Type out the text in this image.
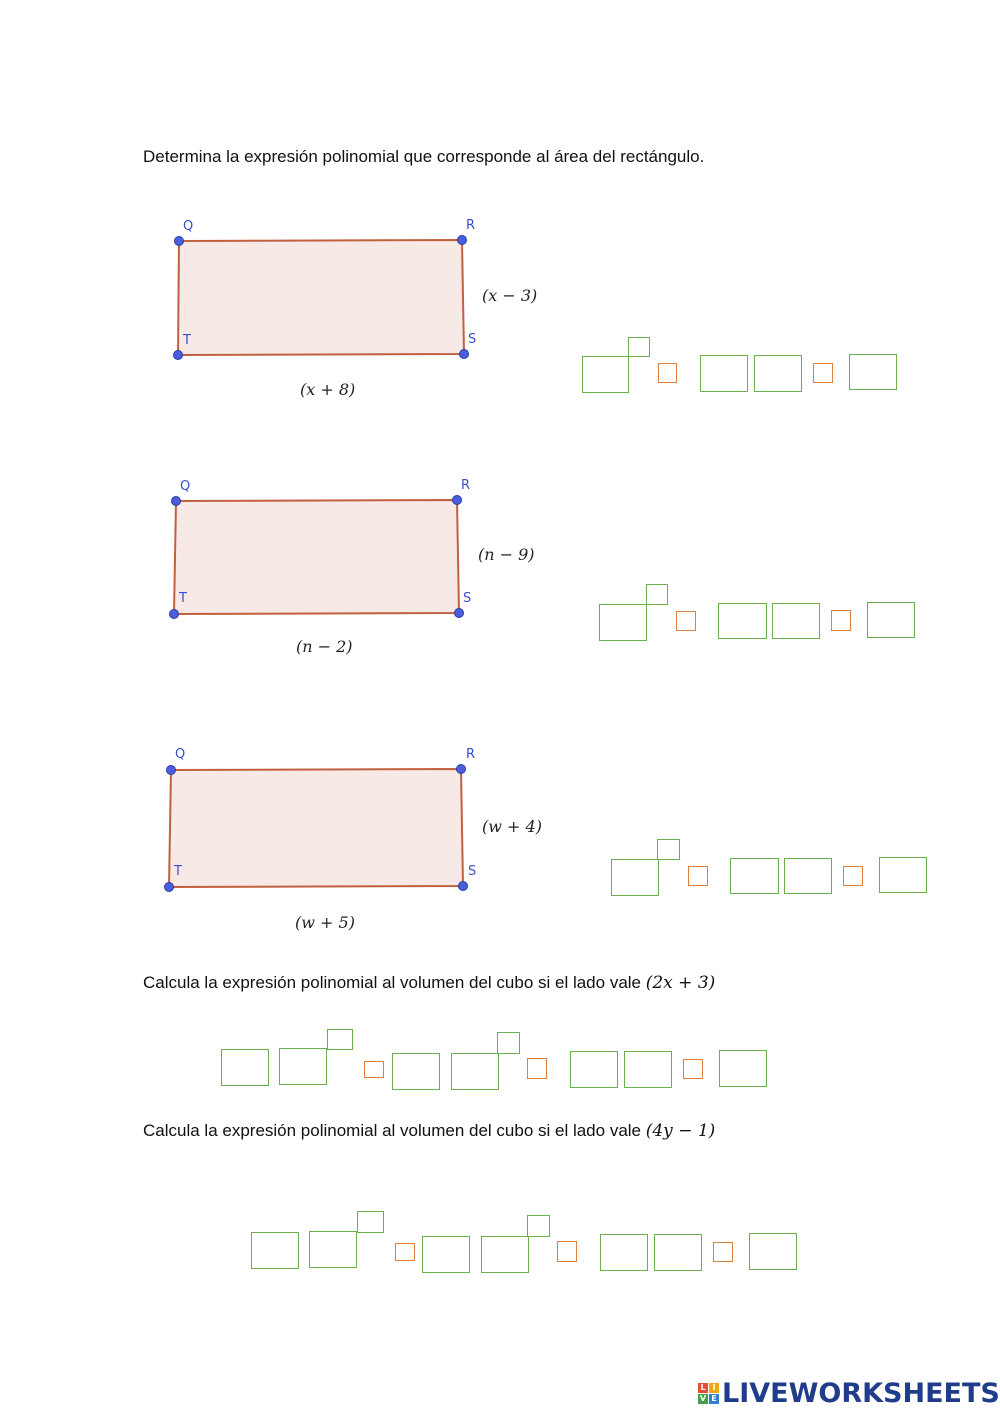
Determina la expresión polinomial que corresponde al área del rectángulo.
Q	R
S
T
(x − 3)
(x + 8)
Q	R
S
T
(n − 9)
(n − 2)
Q	R
S
T
(w + 4)
(w + 5)
Calcula la expresión polinomial al volumen del cubo si el lado vale (2x + 3)
Calcula la expresión polinomial al volumen del cubo si el lado vale (4y − 1)
L I
V E LIVEWORKSHEETS
